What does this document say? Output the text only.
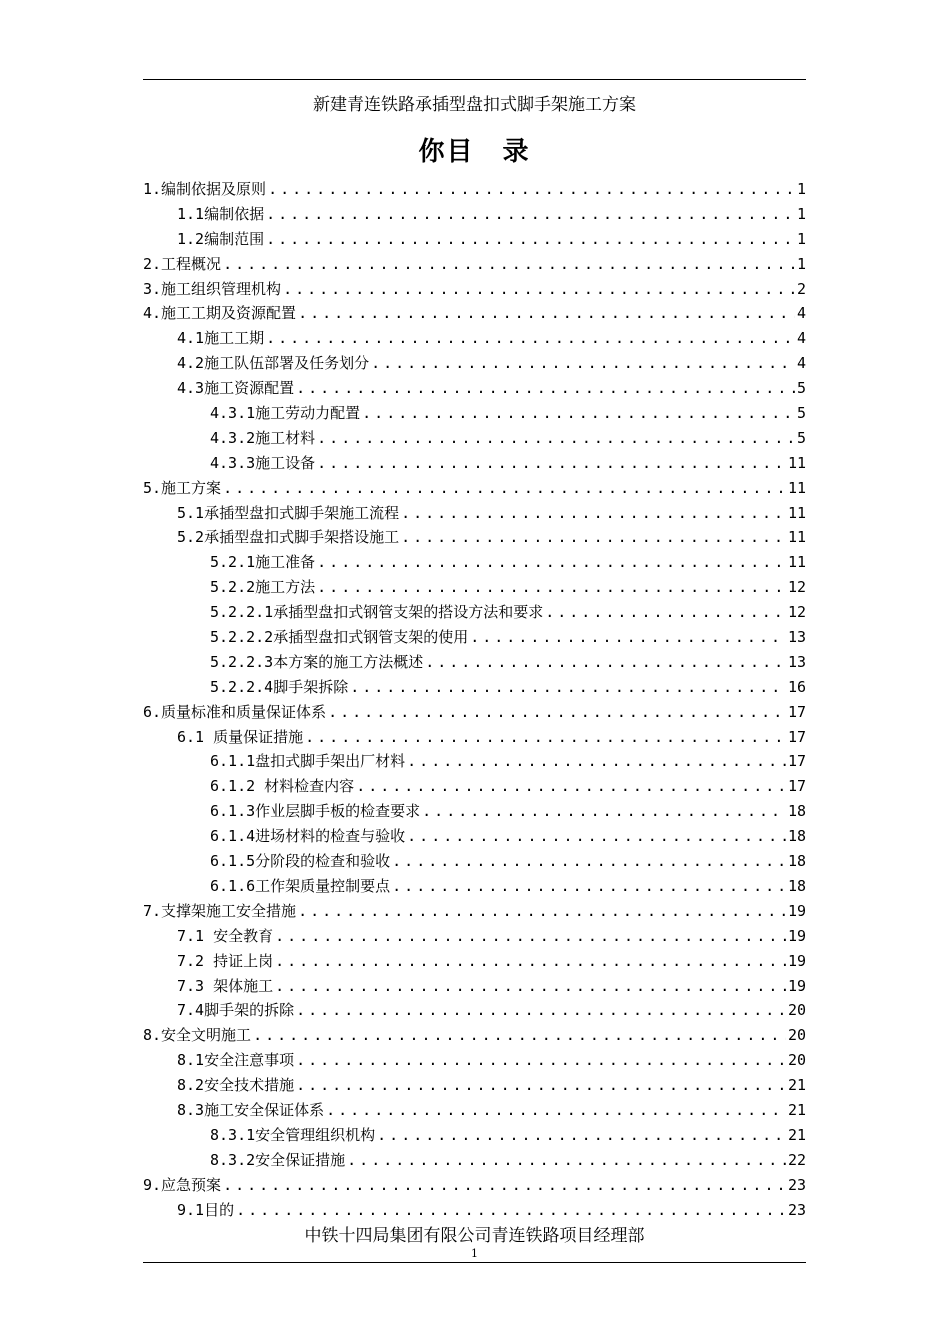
新建青连铁路承插型盘扣式脚手架施工方案
你目　录
1.编制依据及原则 .....	1
1.1编制依据 .....	1
1.2编制范围 .....	1
2.工程概况 .....	1
3.施工组织管理机构 .....	2
4.施工工期及资源配置 .....	4
4.1施工工期 .....	4
4.2施工队伍部署及任务划分 .....	4
4.3施工资源配置 .....	5
4.3.1施工劳动力配置 .....	5
4.3.2施工材料 .....	5
4.3.3施工设备 .....	11
5.施工方案 .....	11
5.1承插型盘扣式脚手架施工流程 .....	11
5.2承插型盘扣式脚手架搭设施工 .....	11
5.2.1施工准备 .....	11
5.2.2施工方法 .....	12
5.2.2.1承插型盘扣式钢管支架的搭设方法和要求 .....	12
5.2.2.2承插型盘扣式钢管支架的使用 .....	13
5.2.2.3本方案的施工方法概述 .....	13
5.2.2.4脚手架拆除 .....	16
6.质量标准和质量保证体系 .....	17
6.1 质量保证措施 .....	17
6.1.1盘扣式脚手架出厂材料 .....	17
6.1.2 材料检查内容 .....	17
6.1.3作业层脚手板的检查要求 .....	18
6.1.4进场材料的检查与验收 .....	18
6.1.5分阶段的检查和验收 .....	18
6.1.6工作架质量控制要点 .....	18
7.支撑架施工安全措施 .....	19
7.1 安全教育 .....	19
7.2 持证上岗 .....	19
7.3 架体施工 .....	19
7.4脚手架的拆除 .....	20
8.安全文明施工 .....	20
8.1安全注意事项 .....	20
8.2安全技术措施 .....	21
8.3施工安全保证体系 .....	21
8.3.1安全管理组织机构 .....	21
8.3.2安全保证措施 .....	22
9.应急预案 .....	23
9.1目的 .....	23
中铁十四局集团有限公司青连铁路项目经理部
1
